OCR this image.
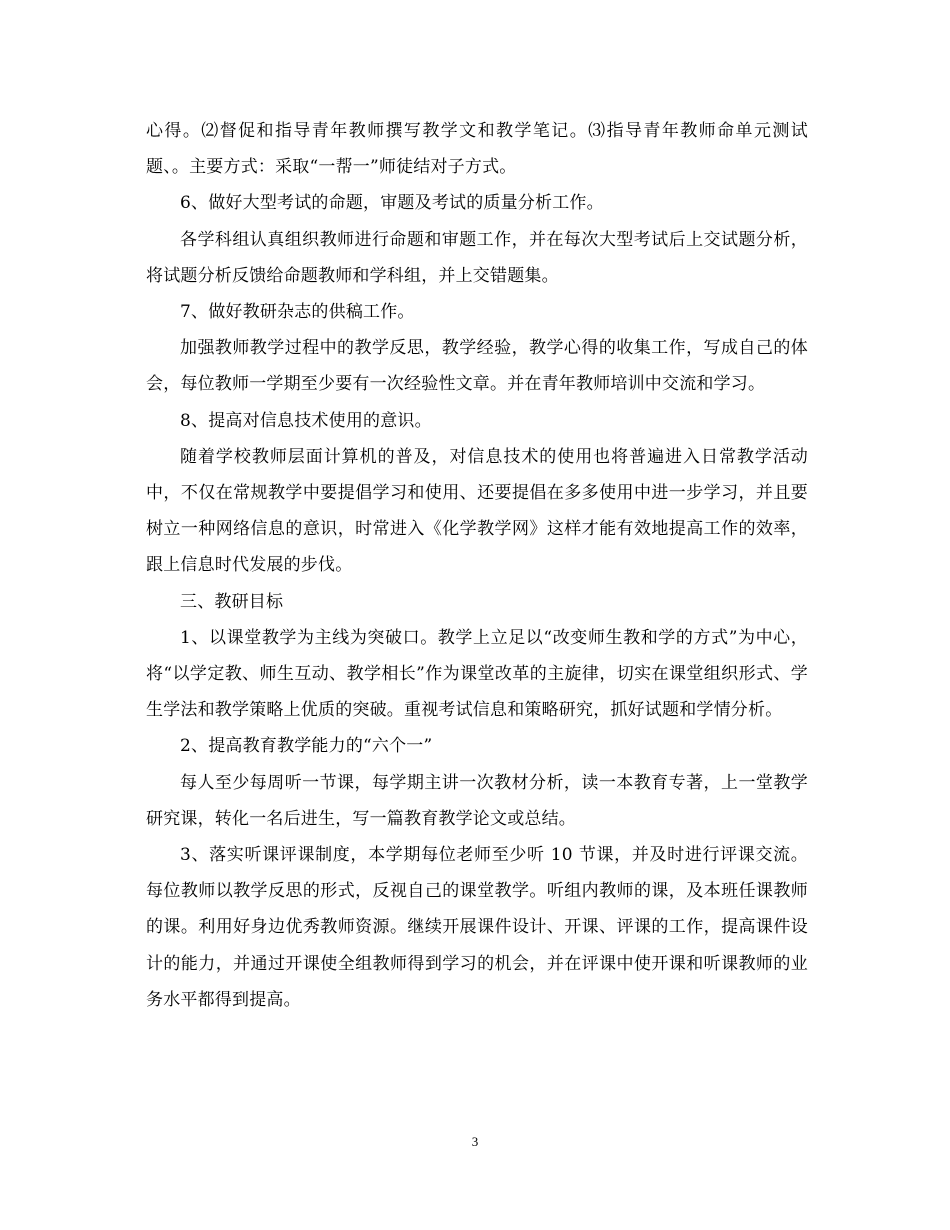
心得。⑵督促和指导青年教师撰写教学文和教学笔记。⑶指导青年教师命单元测试题、。主要方式：采取“一帮一”师徒结对子方式。

6、做好大型考试的命题，审题及考试的质量分析工作。

各学科组认真组织教师进行命题和审题工作，并在每次大型考试后上交试题分析，将试题分析反馈给命题教师和学科组，并上交错题集。

7、做好教研杂志的供稿工作。

加强教师教学过程中的教学反思，教学经验，教学心得的收集工作，写成自己的体会，每位教师一学期至少要有一次经验性文章。并在青年教师培训中交流和学习。

8、提高对信息技术使用的意识。

随着学校教师层面计算机的普及，对信息技术的使用也将普遍进入日常教学活动中，不仅在常规教学中要提倡学习和使用、还要提倡在多多使用中进一步学习，并且要树立一种网络信息的意识，时常进入《化学教学网》这样才能有效地提高工作的效率，跟上信息时代发展的步伐。

三、教研目标

1、以课堂教学为主线为突破口。教学上立足以“改变师生教和学的方式”为中心，将“以学定教、师生互动、教学相长”作为课堂改革的主旋律，切实在课堂组织形式、学生学法和教学策略上优质的突破。重视考试信息和策略研究，抓好试题和学情分析。

2、提高教育教学能力的“六个一”

每人至少每周听一节课，每学期主讲一次教材分析，读一本教育专著，上一堂教学研究课，转化一名后进生，写一篇教育教学论文或总结。

3、落实听课评课制度，本学期每位老师至少听 10 节课，并及时进行评课交流。每位教师以教学反思的形式，反视自己的课堂教学。听组内教师的课，及本班任课教师的课。利用好身边优秀教师资源。继续开展课件设计、开课、评课的工作，提高课件设计的能力，并通过开课使全组教师得到学习的机会，并在评课中使开课和听课教师的业务水平都得到提高。

3
